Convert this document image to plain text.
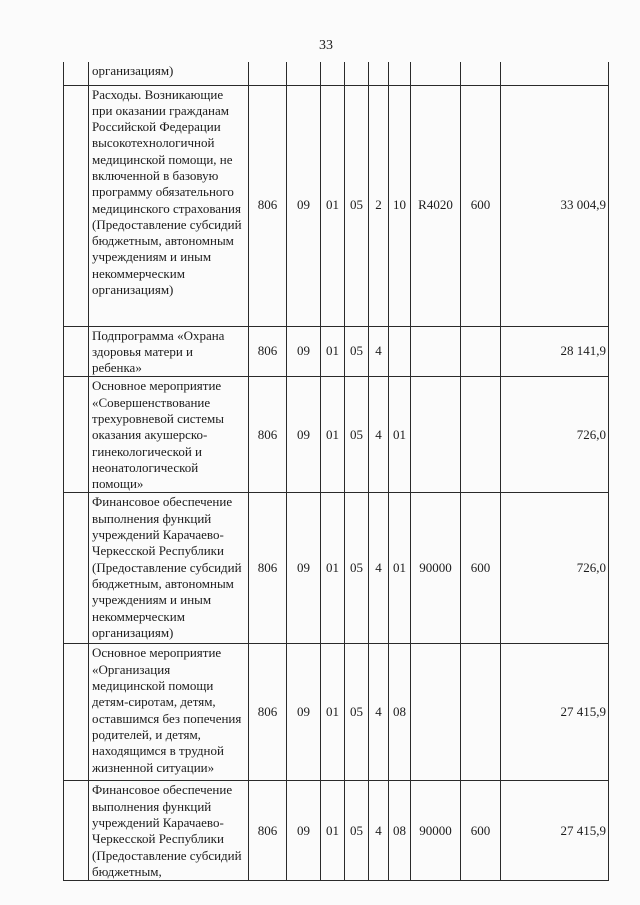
33
	организациям)									
	Расходы. Возникающие при оказании гражданам Российской Федерации высокотехнологичной медицинской помощи, не включенной в базовую программу обязательного медицинского страхования (Предоставление субсидий бюджетным, автономным учреждениям и иным некоммерческим организациям)	806	09	01	05	2	10	R4020	600	33 004,9
	Подпрограмма «Охрана здоровья матери и ребенка»	806	09	01	05	4				28 141,9
	Основное мероприятие «Совершенствование трехуровневой системы оказания акушерско-гинекологической и неонатологической помощи»	806	09	01	05	4	01			726,0
	Финансовое обеспечение выполнения функций учреждений Карачаево-Черкесской Республики (Предоставление субсидий бюджетным, автономным учреждениям и иным некоммерческим организациям)	806	09	01	05	4	01	90000	600	726,0
	Основное мероприятие «Организация медицинской помощи детям-сиротам, детям, оставшимся без попечения родителей, и детям, находящимся в трудной жизненной ситуации»	806	09	01	05	4	08			27 415,9
	Финансовое обеспечение выполнения функций учреждений Карачаево-Черкесской Республики (Предоставление субсидий бюджетным,	806	09	01	05	4	08	90000	600	27 415,9
